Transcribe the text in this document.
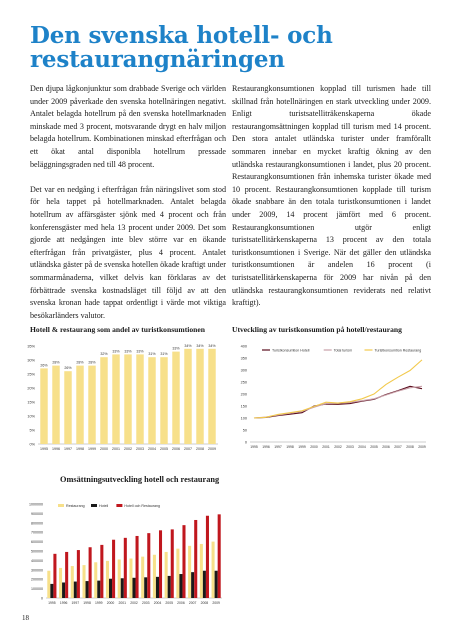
Den svenska hotell- och restaurangnäringen

Den djupa lågkonjunktur som drabbade Sverige och världen under 2009 påverkade den svenska hotellnäringen negativt. Antalet belagda hotellrum på den svenska hotellmarknaden minskade med 3 procent, motsvarande drygt en halv miljon belagda hotellrum. Kombinationen minskad efterfrågan och ett ökat antal disponibla hotellrum pressade beläggningsgraden ned till 48 procent.

Det var en nedgång i efterfrågan från näringslivet som stod för hela tappet på hotellmarknaden. Antalet belagda hotellrum av affärsgäster sjönk med 4 procent och från konferensgäster med hela 13 procent under 2009. Det som gjorde att nedgången inte blev större var en ökande efterfrågan från privatgäster, plus 4 procent. Antalet utländska gäster på de svenska hotellen ökade kraftigt under sommarmånaderna, vilket delvis kan förklaras av det förbättrade svenska kostnadsläget till följd av att den svenska kronan hade tappat ordentligt i värde mot viktiga besökarländers valutor.

Restaurangkonsumtionen kopplad till turismen hade till skillnad från hotellnäringen en stark utveckling under 2009. Enligt turistsatelliträkenskaperna ökade restaurangomsättningen kopplad till turism med 14 procent. Den stora antalet utländska turister under framförallt sommaren innebar en mycket kraftig ökning av den utländska restaurangkonsumtionen i landet, plus 20 procent. Restaurangkonsumtionen från inhemska turister ökade med 10 procent. Restaurangkonsumtionen kopplade till turism ökade snabbare än den totala turistkonsumtionen i landet under 2009, 14 procent jämfört med 6 procent. Restaurangkonsumtionen utgör enligt turistsatellitärkenskaperna 13 procent av den totala turistkonsumtionen i Sverige. När det gäller den utländska turistkonsumtionen är andelen 16 procent (i turistsatellitärkenskaperna för 2009 har nivån på den utländska restaurangkonsumtionen reviderats ned relativt kraftigt).

Hotell & restaurang som andel av turistkonsumtionen
0%
5%
10%
15%
20%
25%
30%
35%
26%
1995
28%
1996
26%
1997
28%
1998
28%
1999
32%
2000
33%
2001
33%
2002
33%
2003
31%
2004
31%
2005
33%
2006
34%
2007
34%
2008
34%
2009
Utveckling av turistkonsumtion på hotell/restaurang
0
50
100
150
200
250
300
350
400
1995 1996 1997 1998 1999 2000 2001 2002 2003 2004 2005 2006 2007 2008 2009
Turistkonsumtion Hotell	Total turism	Turistkonsumtion Restaurang
Omsättningsutveckling hotell och restaurang
0
100000
200000
300000
400000
500000
600000
700000
800000
900000
1000000
1995 1996 1997 1998 1999 2000 2001 2002 2003 2004 2005 2006 2007 2008 2009
Restaurang	Hotell	Hotell och Restaurang
18
